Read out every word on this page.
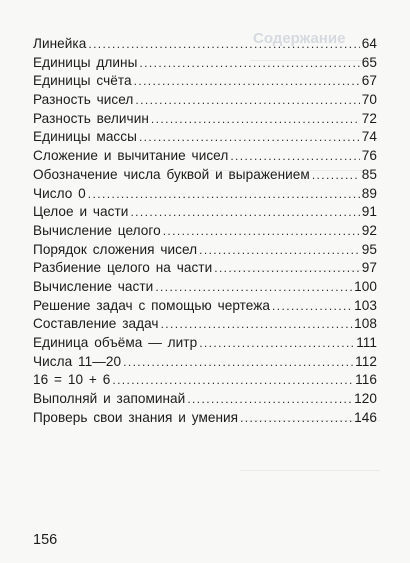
Содержание
Линейка .....	64
Единицы длины .....	65
Единицы счёта .....	67
Разность чисел .....	70
Разность величин .....	72
Единицы массы .....	74
Сложение и вычитание чисел .....	76
Обозначение числа буквой и выражением .....	85
Число 0 .....	89
Целое и части .....	91
Вычисление целого .....	92
Порядок сложения чисел .....	95
Разбиение целого на части .....	97
Вычисление части .....	100
Решение задач с помощью чертежа .....	103
Составление задач .....	108
Единица объёма — литр .....	111
Числа 11—20 .....	112
16 = 10 + 6 .....	116
Выполняй и запоминай .....	120
Проверь свои знания и умения .....	146
156
